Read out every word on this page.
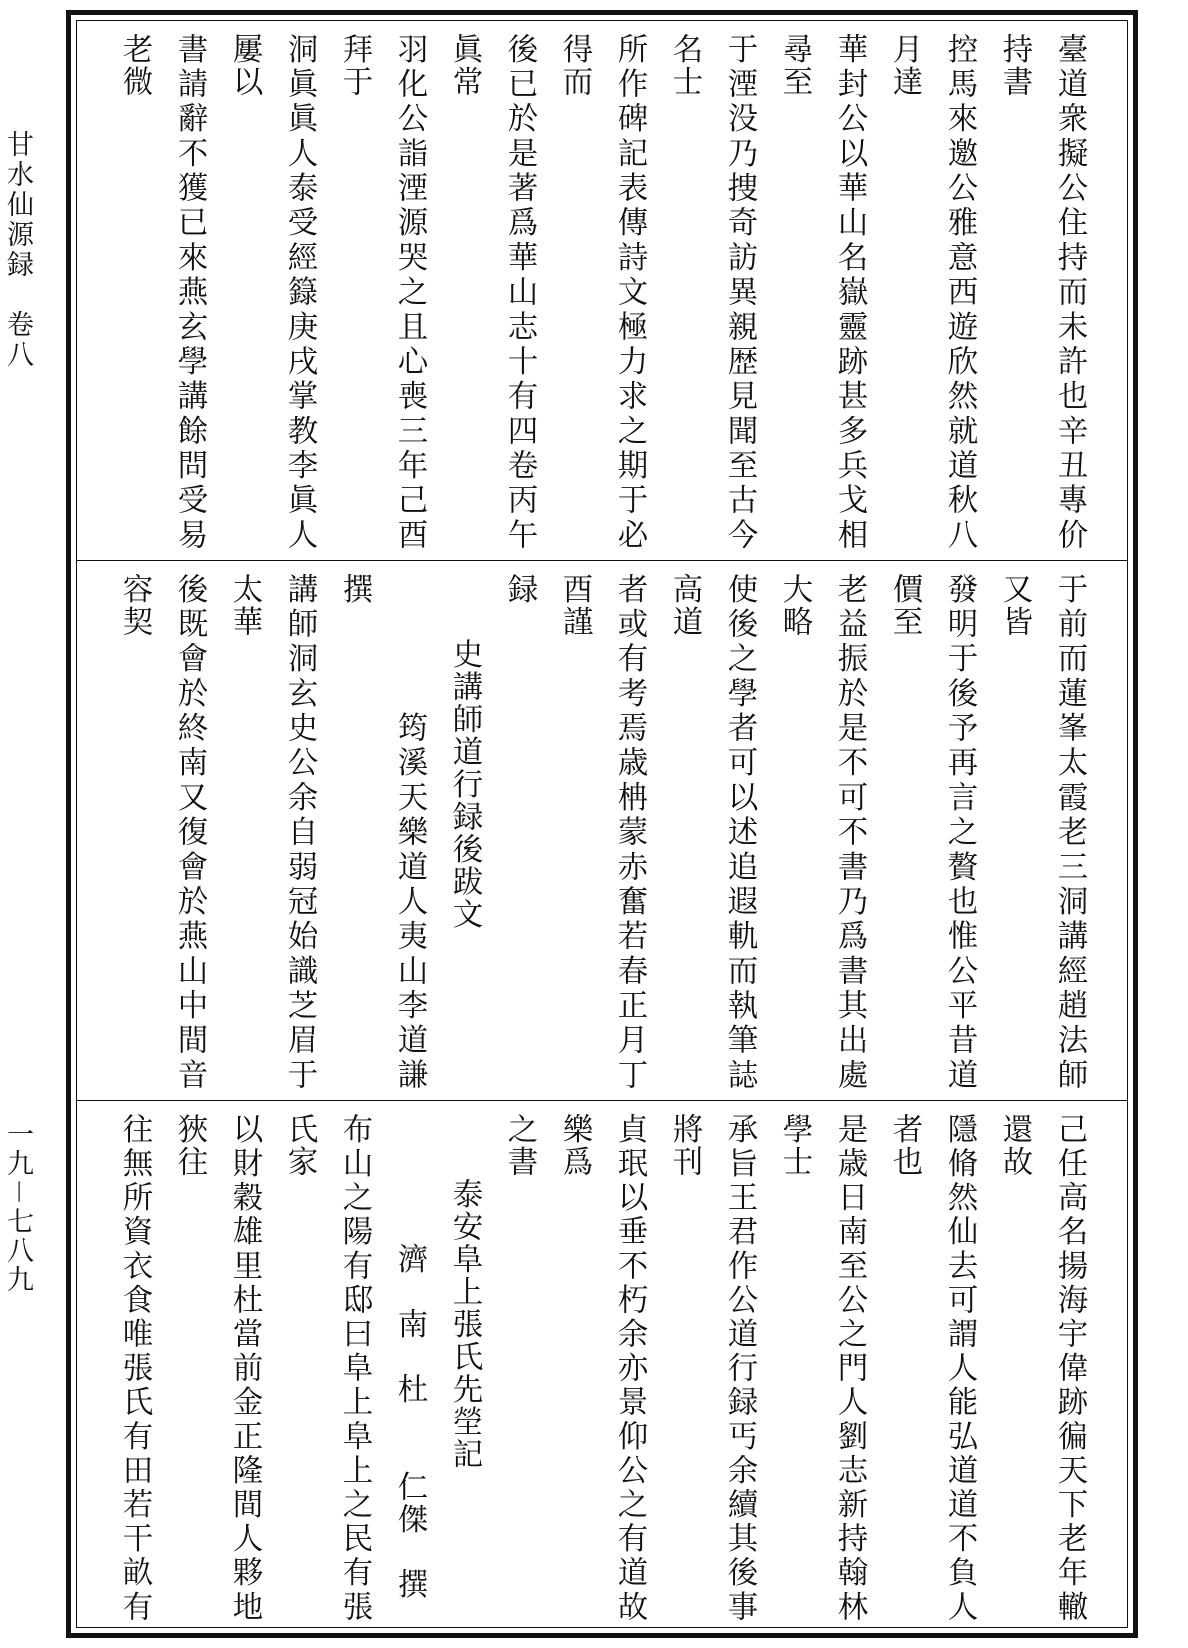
甘水仙源録　卷八
一九－七八九
臺道衆擬公住持而未許也辛丑專价持書
控馬來邀公雅意西遊欣然就道秋八月達
華封公以華山名嶽靈跡甚多兵戈相尋至
于湮没乃捜奇訪異親歴見聞至古今名士
所作碑記表傳詩文極力求之期于必得而
後已於是著爲華山志十有四卷丙午眞常
羽化公詣湮源哭之且心喪三年己酉拜于
洞眞眞人泰受經籙庚戌掌教李眞人屢以
書請辭不獲已來燕玄學講餘問受易老微

于前而蓮峯太霞老三洞講經趙法師又皆
發明于後予再言之贅也惟公平昔道價至
老益振於是不可不書乃爲書其出處大略
使後之學者可以述追遐軌而執筆誌高道
者或有考焉歳柟蒙赤奮若春正月丁酉謹
録
　　史講師道行録後跋文
　　　　筠溪天樂道人夷山李道謙撰
講師洞玄史公余自弱冠始識芝眉于太華
後既會於終南又復會於燕山中間音容契

己任高名揚海宇偉跡徧天下老年轍還故
隱脩然仙去可謂人能弘道道不負人者也
是歳日南至公之門人劉志新持翰林學士
承旨王君作公道行録丐余續其後事將刊
貞珉以垂不朽余亦景仰公之有道故樂爲
之書
　　泰安阜上張氏先塋記
　　　　濟　南　杜　　仁傑　撰
布山之陽有邸曰阜上阜上之民有張氏家
以財穀雄里杜當前金正隆間人夥地狹往
往無所資衣食唯張氏有田若干畝有
